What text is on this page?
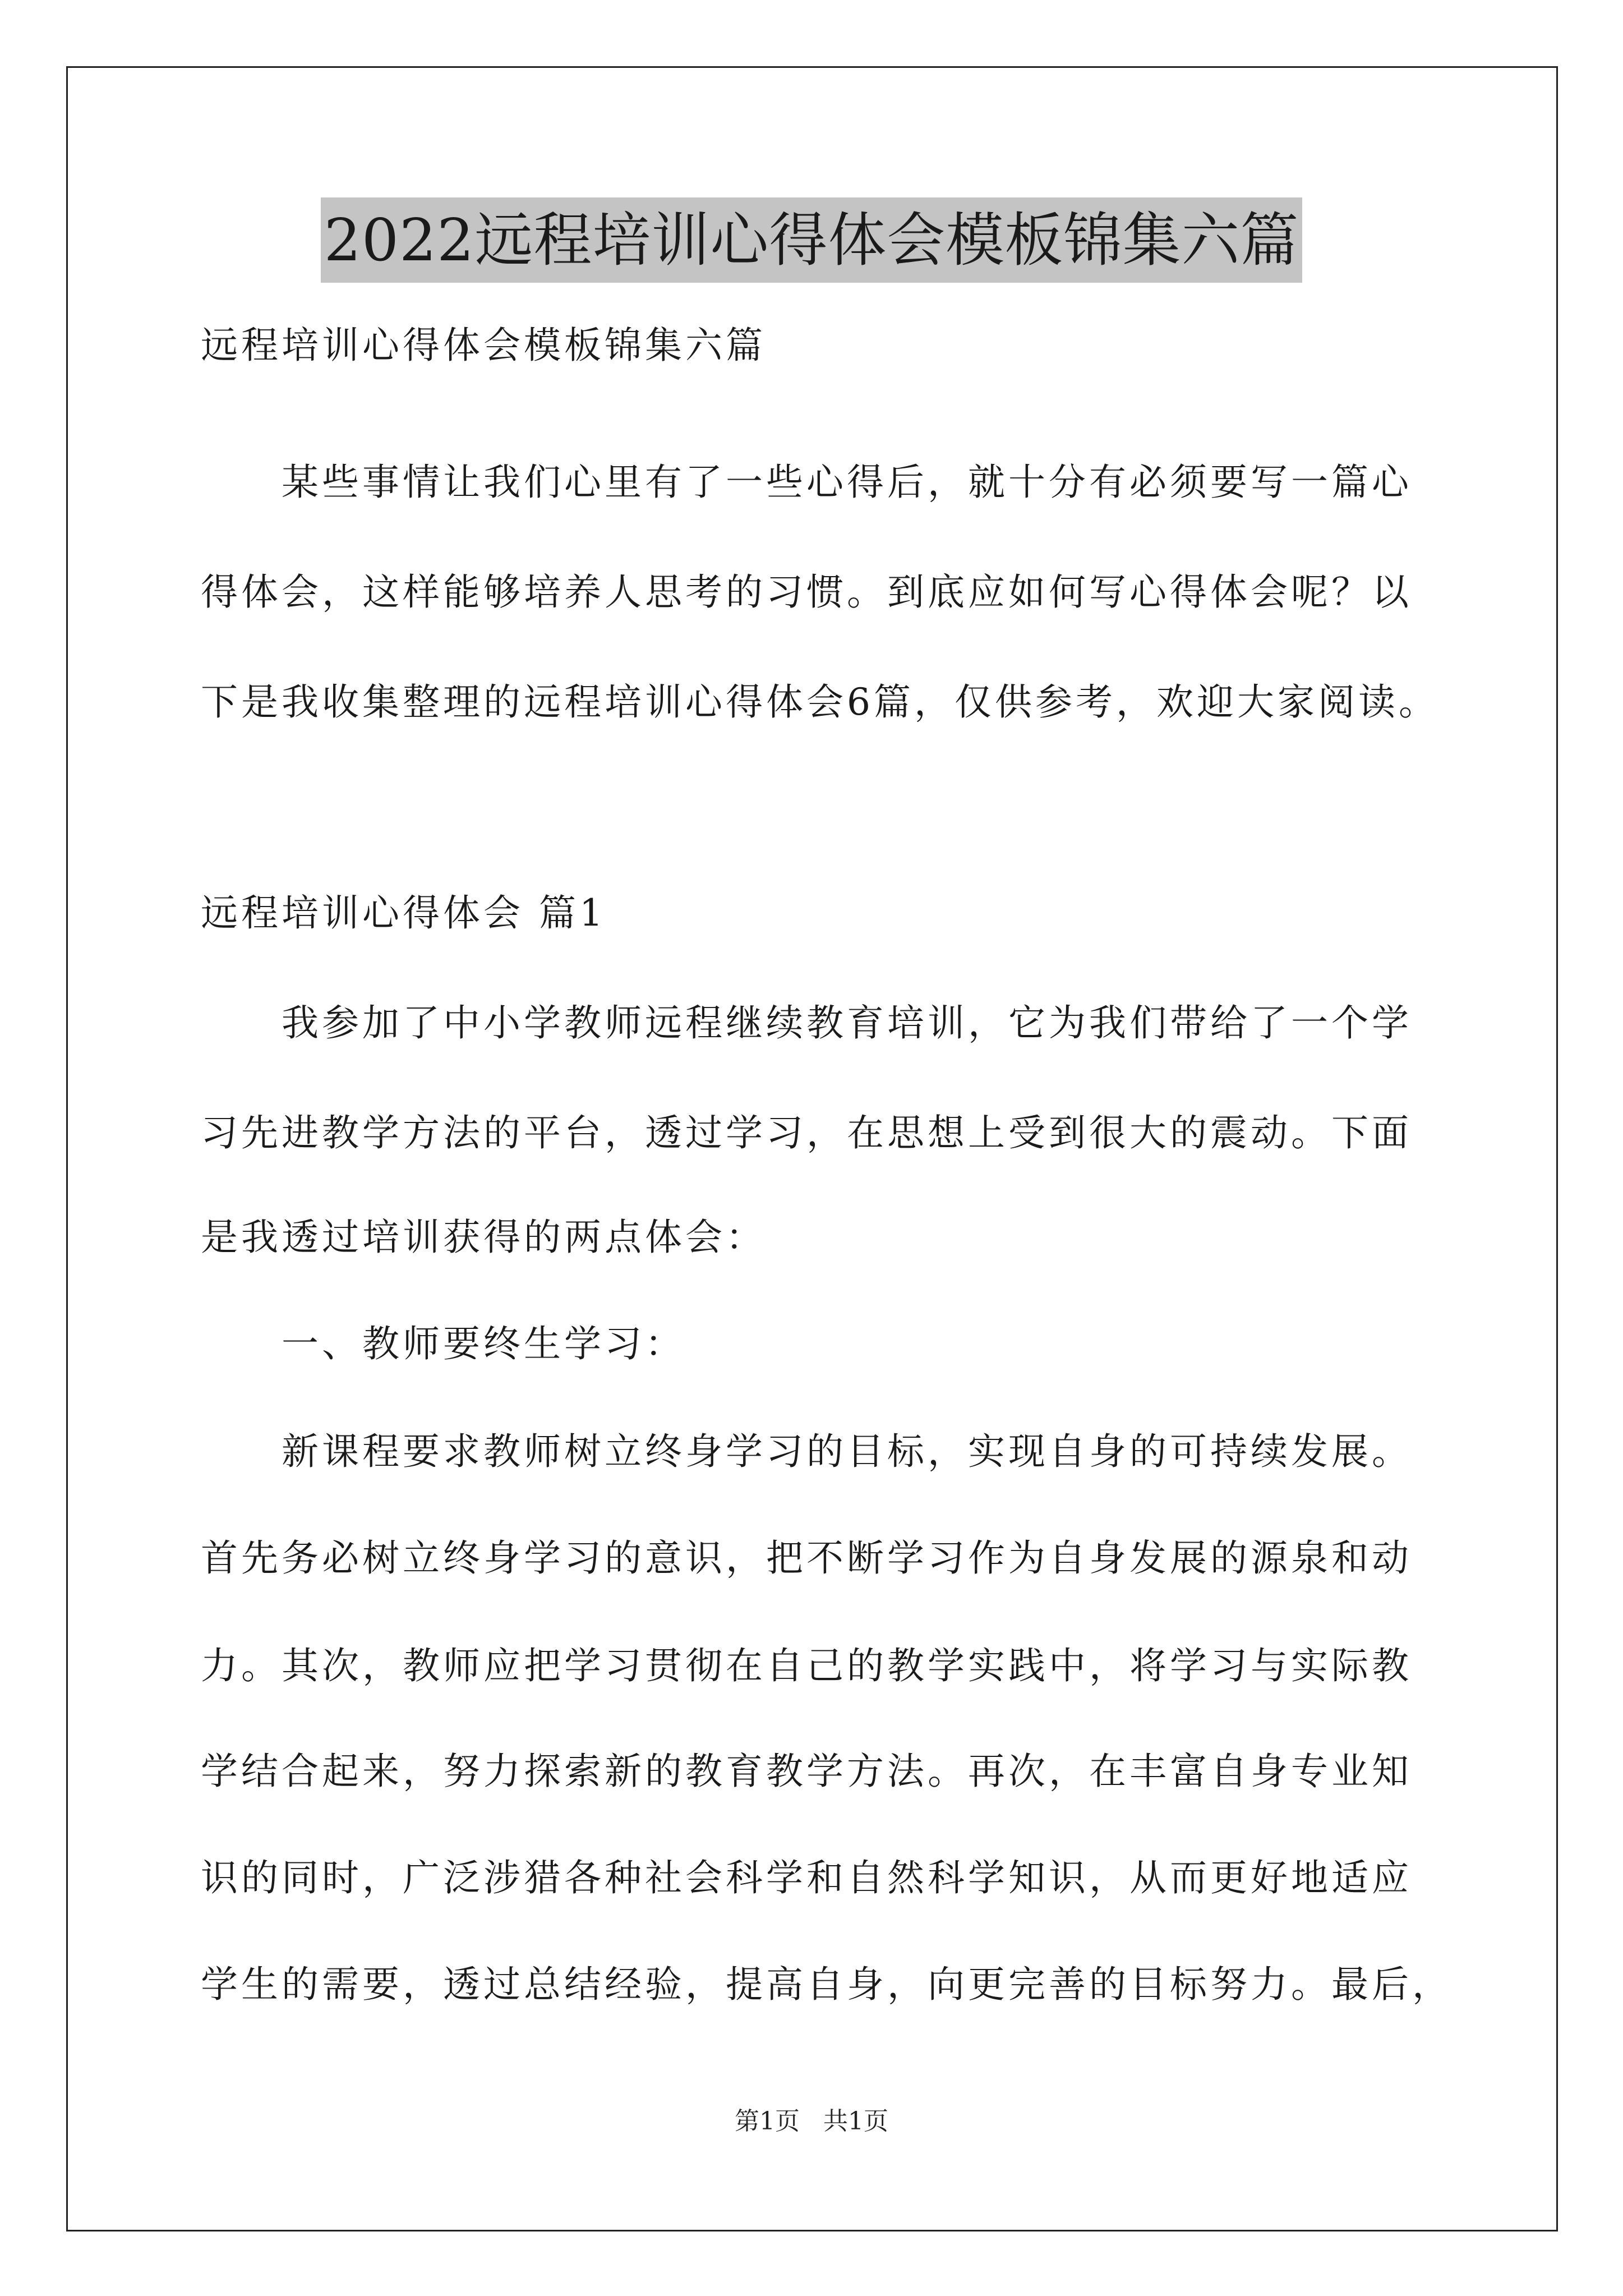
2022远程培训心得体会模板锦集六篇
远程培训心得体会模板锦集六篇
　　某些事情让我们心里有了一些心得后，就十分有必须要写一篇心
得体会，这样能够培养人思考的习惯。到底应如何写心得体会呢？以
下是我收集整理的远程培训心得体会6篇，仅供参考，欢迎大家阅读。
远程培训心得体会 篇1
　　我参加了中小学教师远程继续教育培训，它为我们带给了一个学
习先进教学方法的平台，透过学习，在思想上受到很大的震动。下面
是我透过培训获得的两点体会：
　　一、教师要终生学习：
　　新课程要求教师树立终身学习的目标，实现自身的可持续发展。
首先务必树立终身学习的意识，把不断学习作为自身发展的源泉和动
力。其次，教师应把学习贯彻在自己的教学实践中，将学习与实际教
学结合起来，努力探索新的教育教学方法。再次，在丰富自身专业知
识的同时，广泛涉猎各种社会科学和自然科学知识，从而更好地适应
学生的需要，透过总结经验，提高自身，向更完善的目标努力。最后，
第1页 共1页
